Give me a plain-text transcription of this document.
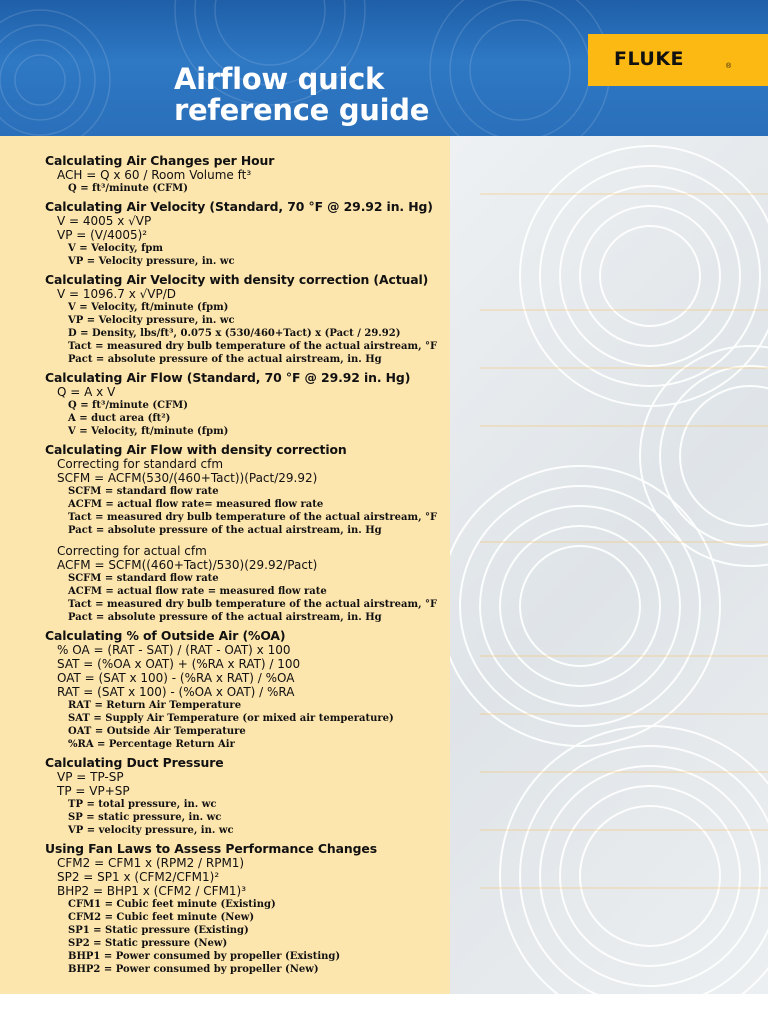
Airflow quick
reference guide
FLUKE	®

Calculating Air Changes per Hour

ACH = Q x 60 / Room Volume ft³

Q = ft³/minute (CFM)

Calculating Air Velocity (Standard, 70 °F @ 29.92 in. Hg)

V = 4005 x √VP

VP = (V/4005)²

V = Velocity, fpm

VP = Velocity pressure, in. wc

Calculating Air Velocity with density correction (Actual)

V = 1096.7 x √VP/D

V = Velocity, ft/minute (fpm)

VP = Velocity pressure, in. wc

D = Density, lbs/ft³, 0.075 x (530/460+Tact) x (Pact / 29.92)

Tact = measured dry bulb temperature of the actual airstream, °F

Pact = absolute pressure of the actual airstream, in. Hg

Calculating Air Flow (Standard, 70 °F @ 29.92 in. Hg)

Q = A x V

Q = ft³/minute (CFM)

A = duct area (ft²)

V = Velocity, ft/minute (fpm)

Calculating Air Flow with density correction

Correcting for standard cfm

SCFM = ACFM(530/(460+Tact))(Pact/29.92)

SCFM = standard flow rate

ACFM = actual flow rate= measured flow rate

Tact = measured dry bulb temperature of the actual airstream, °F

Pact = absolute pressure of the actual airstream, in. Hg

Correcting for actual cfm

ACFM = SCFM((460+Tact)/530)(29.92/Pact)

SCFM = standard flow rate

ACFM = actual flow rate = measured flow rate

Tact = measured dry bulb temperature of the actual airstream, °F

Pact = absolute pressure of the actual airstream, in. Hg

Calculating % of Outside Air (%OA)

% OA = (RAT - SAT) / (RAT - OAT) x 100

SAT = (%OA x OAT) + (%RA x RAT) / 100

OAT = (SAT x 100) - (%RA x RAT) / %OA

RAT = (SAT x 100) - (%OA x OAT) / %RA

RAT = Return Air Temperature

SAT = Supply Air Temperature (or mixed air temperature)

OAT = Outside Air Temperature

%RA = Percentage Return Air

Calculating Duct Pressure

VP = TP-SP

TP = VP+SP

TP = total pressure, in. wc

SP = static pressure, in. wc

VP = velocity pressure, in. wc

Using Fan Laws to Assess Performance Changes

CFM2 = CFM1 x (RPM2 / RPM1)

SP2 = SP1 x (CFM2/CFM1)²

BHP2 = BHP1 x (CFM2 / CFM1)³

CFM1 = Cubic feet minute (Existing)

CFM2 = Cubic feet minute (New)

SP1 = Static pressure (Existing)

SP2 = Static pressure (New)

BHP1 = Power consumed by propeller (Existing)

BHP2 = Power consumed by propeller (New)
